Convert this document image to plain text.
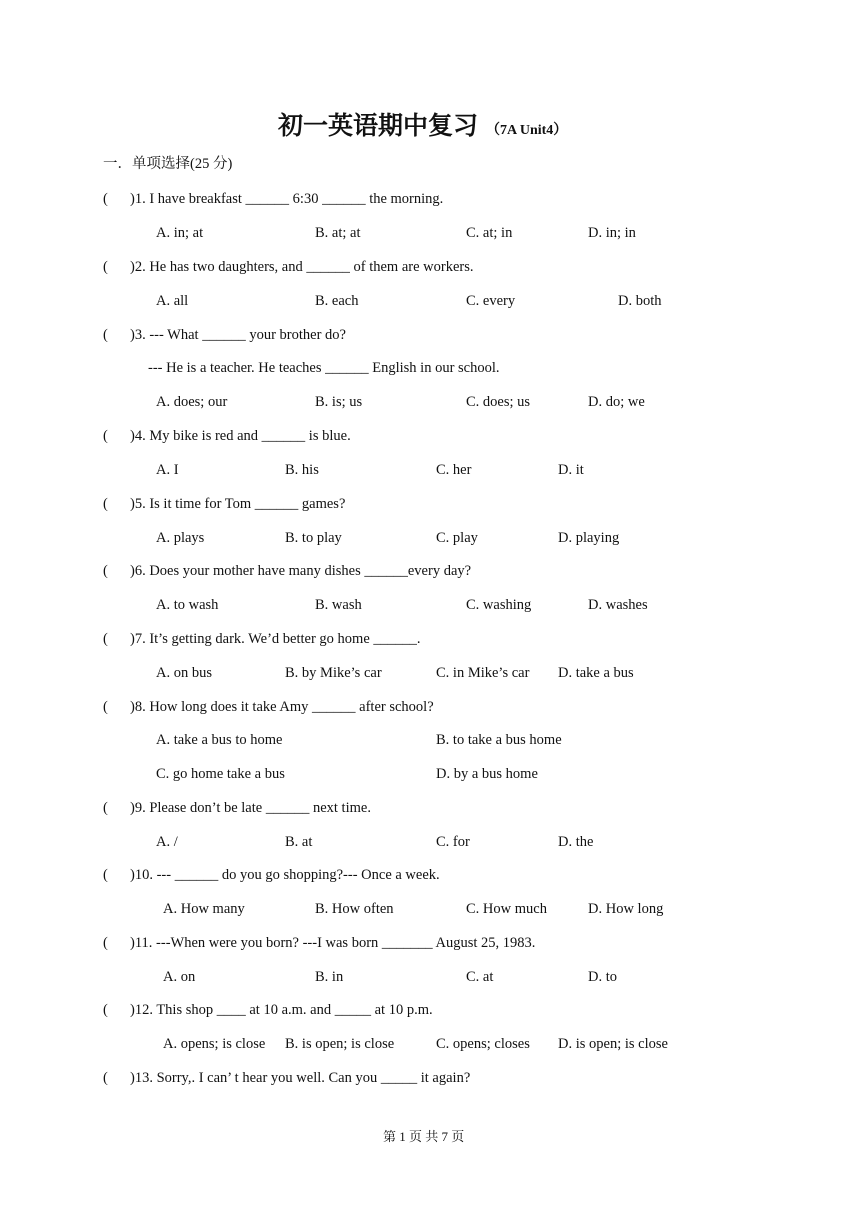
初一英语期中复习 （7A Unit4）
一．单项选择(25 分)
( )1. I have breakfast ______ 6:30 ______ the morning.
A. in; at	B. at; at	C. at; in	D. in; in
( )2. He has two daughters, and ______ of them are workers.
A. all	B. each	C. every	D. both
( )3. --- What ______ your brother do?
--- He is a teacher. He teaches ______ English in our school.
A. does; our	B. is; us	C. does; us	D. do; we
( )4. My bike is red and ______ is blue.
A. I	B. his	C. her	D. it
( )5. Is it time for Tom ______ games?
A. plays	B. to play	C. play	D. playing
( )6. Does your mother have many dishes ______every day?
A. to wash	B. wash	C. washing	D. washes
( )7. It’s getting dark. We’d better go home ______.
A. on bus	B. by Mike’s car	C. in Mike’s car D. take a bus
( )8. How long does it take Amy ______ after school?
A. take a bus to home	B. to take a bus home
C. go home take a bus	D. by a bus home
( )9. Please don’t be late ______ next time.
A. /	B. at	C. for	D. the
( )10. --- ______ do you go shopping?--- Once a week.
A. How many	B. How often	C. How much	D. How long
( )11. ---When were you born? ---I was born _______ August 25, 1983.
A. on	B. in	C. at	D. to
( )12. This shop ____ at 10 a.m. and _____ at 10 p.m.
A. opens; is close B. is open; is close	C. opens; closes D. is open; is close
( )13. Sorry,. I can’ t hear you well. Can you _____ it again?
第 1 页 共 7 页
